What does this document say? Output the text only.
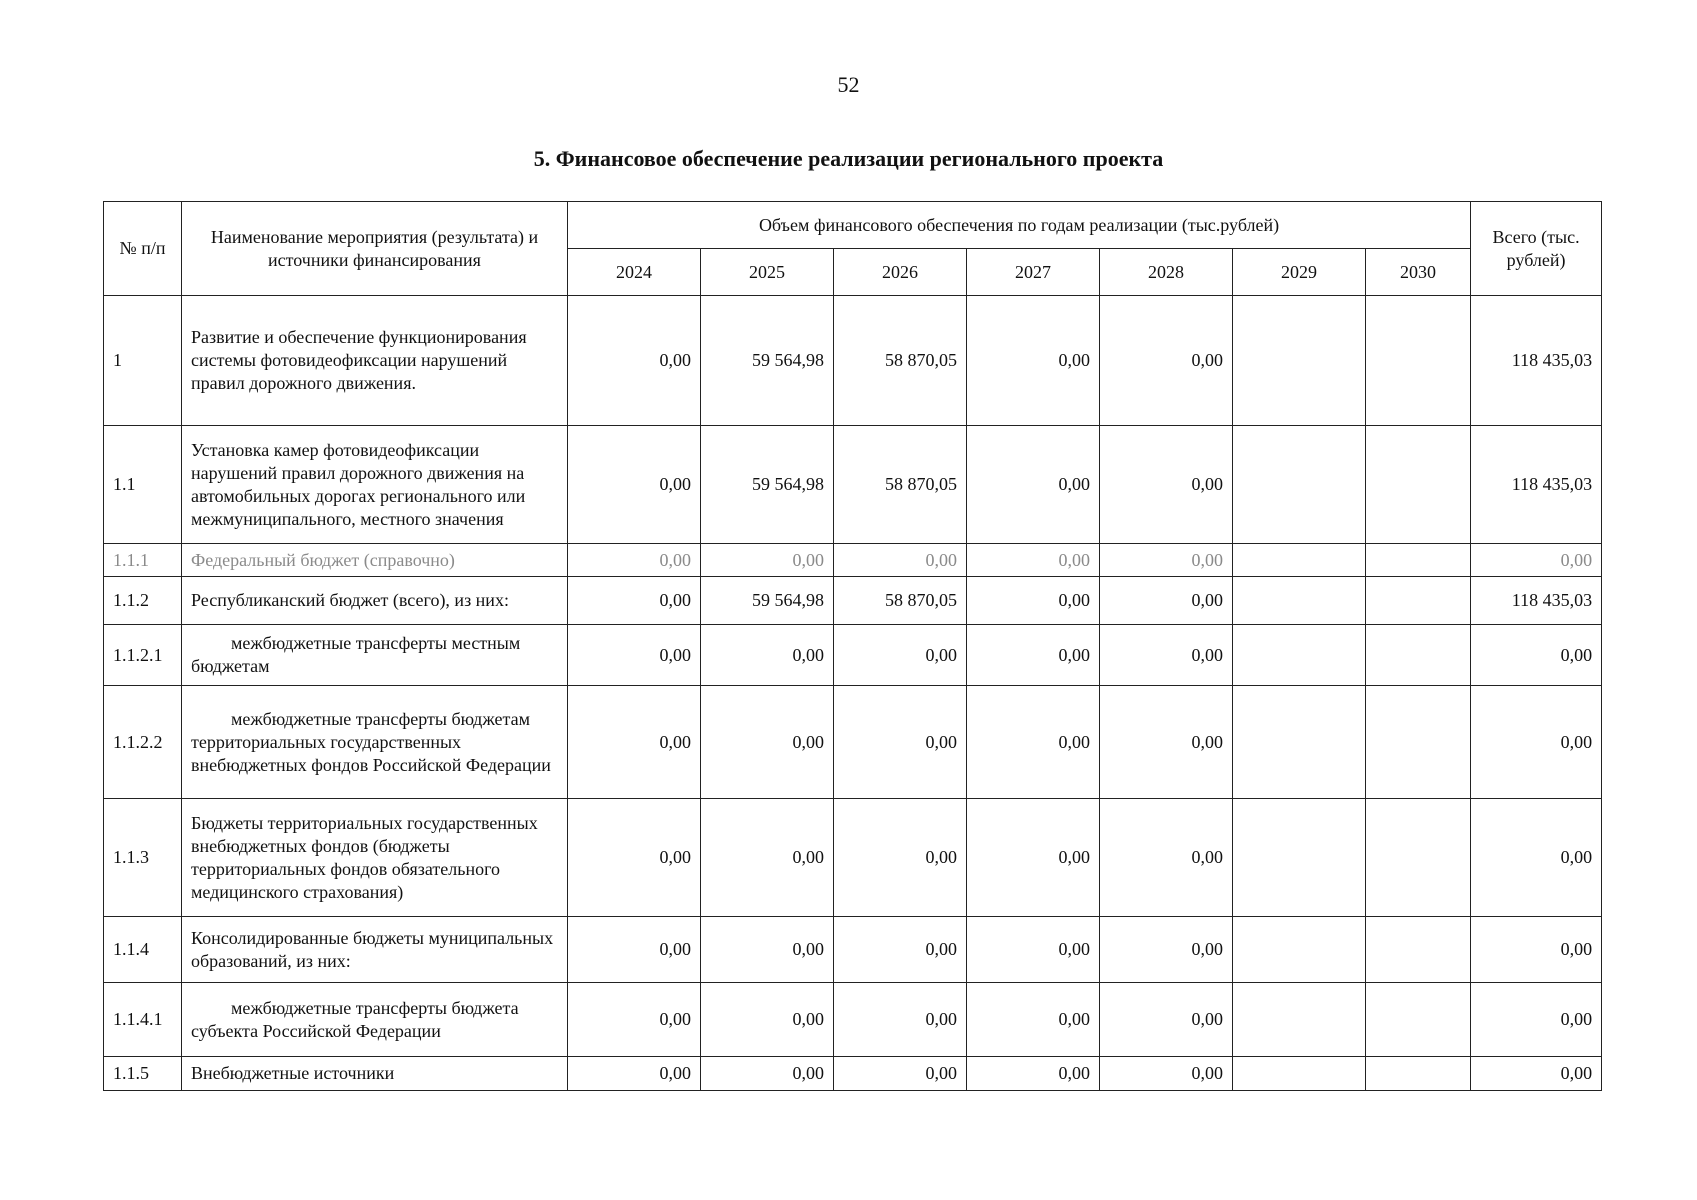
52
5. Финансовое обеспечение реализации регионального проекта
№ п/п	Наименование мероприятия (результата) и источники финансирования	Объем финансового обеспечения по годам реализации (тыс.рублей)							Всего (тыс. рублей)
		2024	2025	2026	2027	2028	2029	2030	
1	Развитие и обеспечение функционирования системы фотовидеофиксации нарушений правил дорожного движения.	0,00	59 564,98	58 870,05	0,00	0,00			118 435,03
1.1	Установка камер фотовидеофиксации нарушений правил дорожного движения на автомобильных дорогах регионального или межмуниципального, местного значения	0,00	59 564,98	58 870,05	0,00	0,00			118 435,03
1.1.1	Федеральный бюджет (справочно)	0,00	0,00	0,00	0,00	0,00			0,00
1.1.2	Республиканский бюджет (всего), из них:	0,00	59 564,98	58 870,05	0,00	0,00			118 435,03
1.1.2.1	межбюджетные трансферты местным бюджетам	0,00	0,00	0,00	0,00	0,00			0,00
1.1.2.2	межбюджетные трансферты бюджетам территориальных государственных внебюджетных фондов Российской Федерации	0,00	0,00	0,00	0,00	0,00			0,00
1.1.3	Бюджеты территориальных государственных внебюджетных фондов (бюджеты территориальных фондов обязательного медицинского страхования)	0,00	0,00	0,00	0,00	0,00			0,00
1.1.4	Консолидированные бюджеты муниципальных образований, из них:	0,00	0,00	0,00	0,00	0,00			0,00
1.1.4.1	межбюджетные трансферты бюджета субъекта Российской Федерации	0,00	0,00	0,00	0,00	0,00			0,00
1.1.5	Внебюджетные источники	0,00	0,00	0,00	0,00	0,00			0,00
